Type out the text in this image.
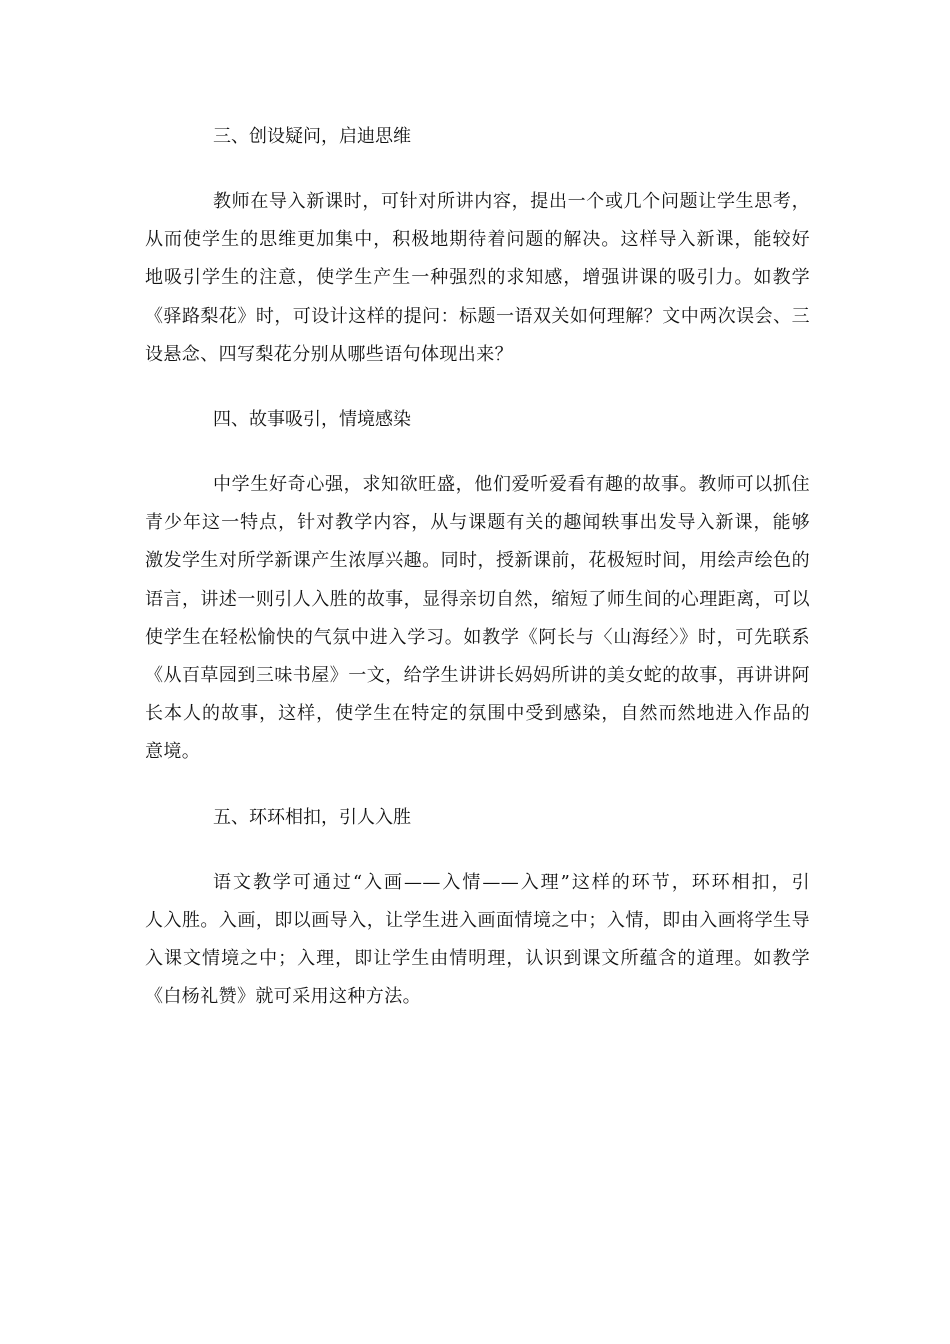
三、创设疑问，启迪思维
教师在导入新课时，可针对所讲内容，提出一个或几个问题让学生思考，
从而使学生的思维更加集中，积极地期待着问题的解决。这样导入新课，能较好
地吸引学生的注意，使学生产生一种强烈的求知感，增强讲课的吸引力。如教学
《驿路梨花》时，可设计这样的提问：标题一语双关如何理解？文中两次误会、三
设悬念、四写梨花分别从哪些语句体现出来？
四、故事吸引，情境感染
中学生好奇心强，求知欲旺盛，他们爱听爱看有趣的故事。教师可以抓住
青少年这一特点，针对教学内容，从与课题有关的趣闻轶事出发导入新课，能够
激发学生对所学新课产生浓厚兴趣。同时，授新课前，花极短时间，用绘声绘色的
语言，讲述一则引人入胜的故事，显得亲切自然，缩短了师生间的心理距离，可以
使学生在轻松愉快的气氛中进入学习。如教学《阿长与〈山海经〉》时，可先联系
《从百草园到三味书屋》一文，给学生讲讲长妈妈所讲的美女蛇的故事，再讲讲阿
长本人的故事，这样，使学生在特定的氛围中受到感染，自然而然地进入作品的
意境。
五、环环相扣，引人入胜
语文教学可通过“入画——入情——入理”这样的环节，环环相扣，引
人入胜。入画，即以画导入，让学生进入画面情境之中；入情，即由入画将学生导
入课文情境之中；入理，即让学生由情明理，认识到课文所蕴含的道理。如教学
《白杨礼赞》就可采用这种方法。
